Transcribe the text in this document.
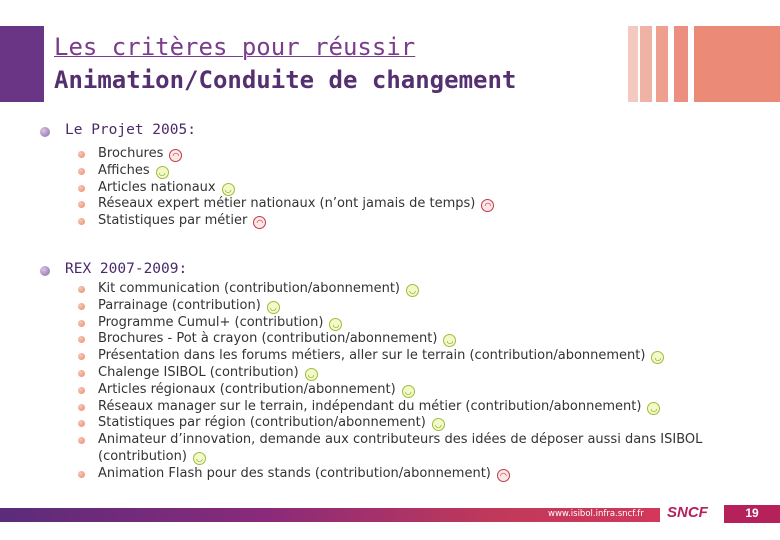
Les critères pour réussir
Animation/Conduite de changement
Le Projet 2005:
Brochures ◠
Affiches ◡
Articles nationaux ◡
Réseaux expert métier nationaux (n’ont jamais de temps) ◠
Statistiques par métier ◠
REX 2007-2009:
Kit communication (contribution/abonnement) ◡
Parrainage (contribution) ◡
Programme Cumul+ (contribution) ◡
Brochures - Pot à crayon (contribution/abonnement) ◡
Présentation dans les forums métiers, aller sur le terrain (contribution/abonnement) ◡
Chalenge ISIBOL (contribution) ◡
Articles régionaux (contribution/abonnement) ◡
Réseaux manager sur le terrain, indépendant du métier (contribution/abonnement) ◡
Statistiques par région (contribution/abonnement) ◡
Animateur d’innovation, demande aux contributeurs des idées de déposer aussi dans ISIBOL (contribution) ◡
Animation Flash pour des stands (contribution/abonnement) ◠
www.isibol.infra.sncf.fr SNCF	19
